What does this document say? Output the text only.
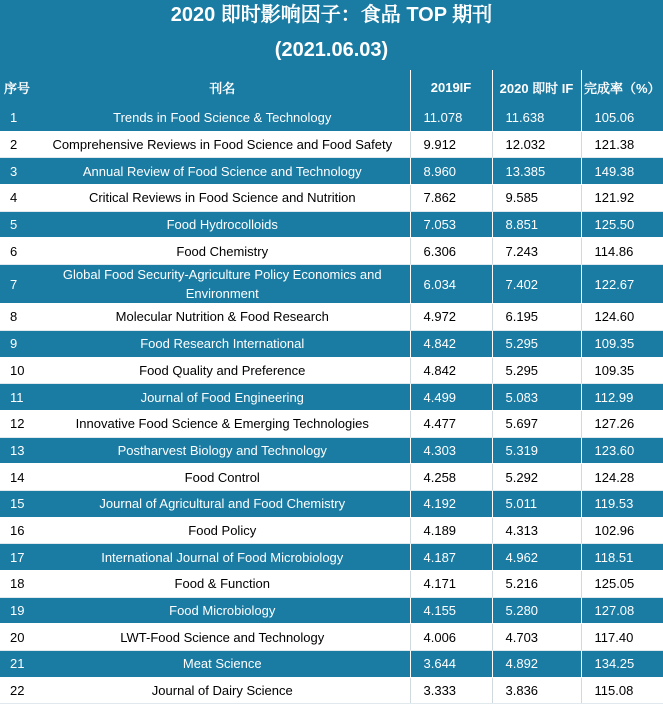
2020 即时影响因子：食品 TOP 期刊
(2021.06.03)
序号	刊名	2019IF	2020 即时 IF	完成率（%）
1	Trends in Food Science & Technology	11.078	11.638	105.06
2	Comprehensive Reviews in Food Science and Food Safety	9.912	12.032	121.38
3	Annual Review of Food Science and Technology	8.960	13.385	149.38
4	Critical Reviews in Food Science and Nutrition	7.862	9.585	121.92
5	Food Hydrocolloids	7.053	8.851	125.50
6	Food Chemistry	6.306	7.243	114.86
7	Global Food Security-Agriculture Policy Economics and Environment	6.034	7.402	122.67
8	Molecular Nutrition & Food Research	4.972	6.195	124.60
9	Food Research International	4.842	5.295	109.35
10	Food Quality and Preference	4.842	5.295	109.35
11	Journal of Food Engineering	4.499	5.083	112.99
12	Innovative Food Science & Emerging Technologies	4.477	5.697	127.26
13	Postharvest Biology and Technology	4.303	5.319	123.60
14	Food Control	4.258	5.292	124.28
15	Journal of Agricultural and Food Chemistry	4.192	5.011	119.53
16	Food Policy	4.189	4.313	102.96
17	International Journal of Food Microbiology	4.187	4.962	118.51
18	Food & Function	4.171	5.216	125.05
19	Food Microbiology	4.155	5.280	127.08
20	LWT-Food Science and Technology	4.006	4.703	117.40
21	Meat Science	3.644	4.892	134.25
22	Journal of Dairy Science	3.333	3.836	115.08
